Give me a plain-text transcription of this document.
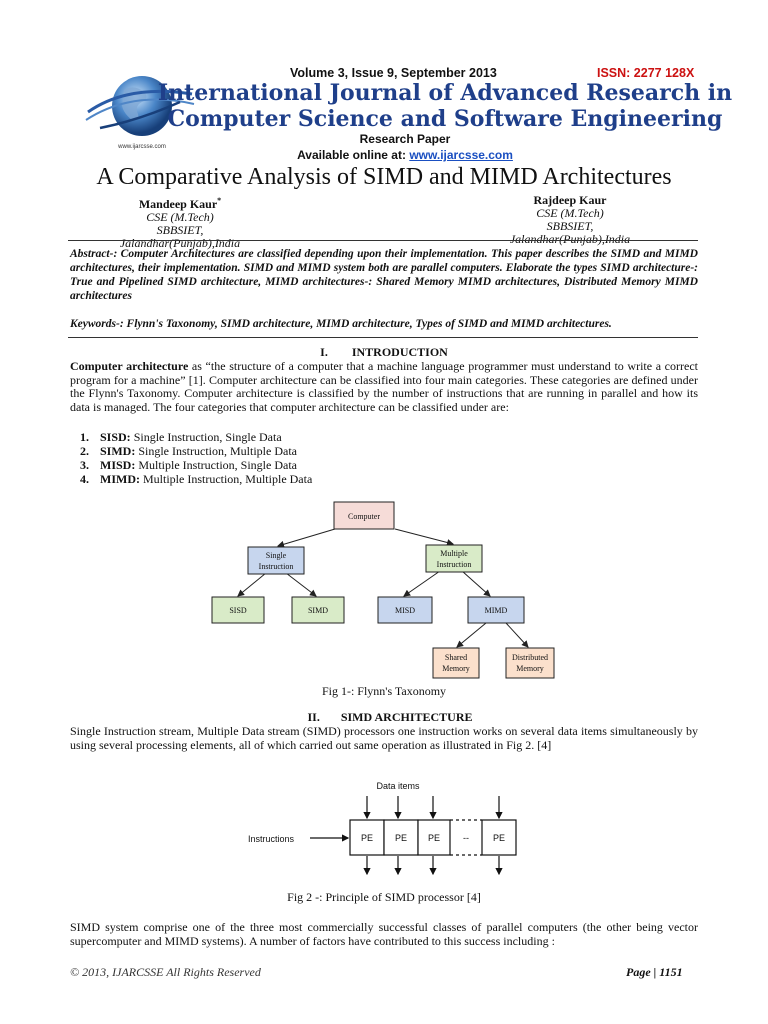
www.ijarcsse.com
Volume 3, Issue 9, September 2013	ISSN: 2277 128X
International Journal of Advanced Research in
Computer Science and Software Engineering
Research Paper
Available online at: www.ijarcsse.com
A Comparative Analysis of SIMD and MIMD Architectures
Mandeep Kaur*
CSE (M.Tech)
SBBSIET, Jalandhar(Punjab),India
Rajdeep Kaur
CSE (M.Tech)
SBBSIET, Jalandhar(Punjab),India
Abstract-: Computer Architectures are classified depending upon their implementation. This paper describes the SIMD and MIMD architectures, their implementation. SIMD and MIMD system both are parallel computers. Elaborate the types SIMD architecture-: True and Pipelined SIMD architecture, MIMD architectures-: Shared Memory MIMD architectures, Distributed Memory MIMD architectures
Keywords-: Flynn's Taxonomy, SIMD architecture, MIMD architecture, Types of SIMD and MIMD architectures.
I.        INTRODUCTION
Computer architecture as “the structure of a computer that a machine language programmer must understand to write a correct program for a machine” [1]. Computer architecture can be classified into four main categories. These categories are defined under the Flynn's Taxonomy. Computer architecture is classified by the number of instructions that are running in parallel and how its data is managed. The four categories that computer architecture can be classified under are:
1. SISD: Single Instruction, Single Data
2. SIMD: Single Instruction, Multiple Data
3. MISD: Multiple Instruction, Single Data
4. MIMD: Multiple Instruction, Multiple Data
Computer
Single
Instruction
Multiple
Instruction
SISD	SIMD	MISD	MIMD
Shared
Memory
Distributed
Memory
Fig 1-: Flynn's Taxonomy
II.       SIMD ARCHITECTURE
Single Instruction stream, Multiple Data stream (SIMD) processors one instruction works on several data items simultaneously by using several processing elements, all of which carried out same operation as illustrated in Fig 2. [4]
Data items
Instructions	PE PE PE	--	PE
Fig 2 -: Principle of SIMD processor [4]
SIMD system comprise one of the three most commercially successful classes of parallel computers (the other being vector supercomputer and MIMD systems). A number of factors have contributed to this success including :
© 2013, IJARCSSE All Rights Reserved	Page | 1151
